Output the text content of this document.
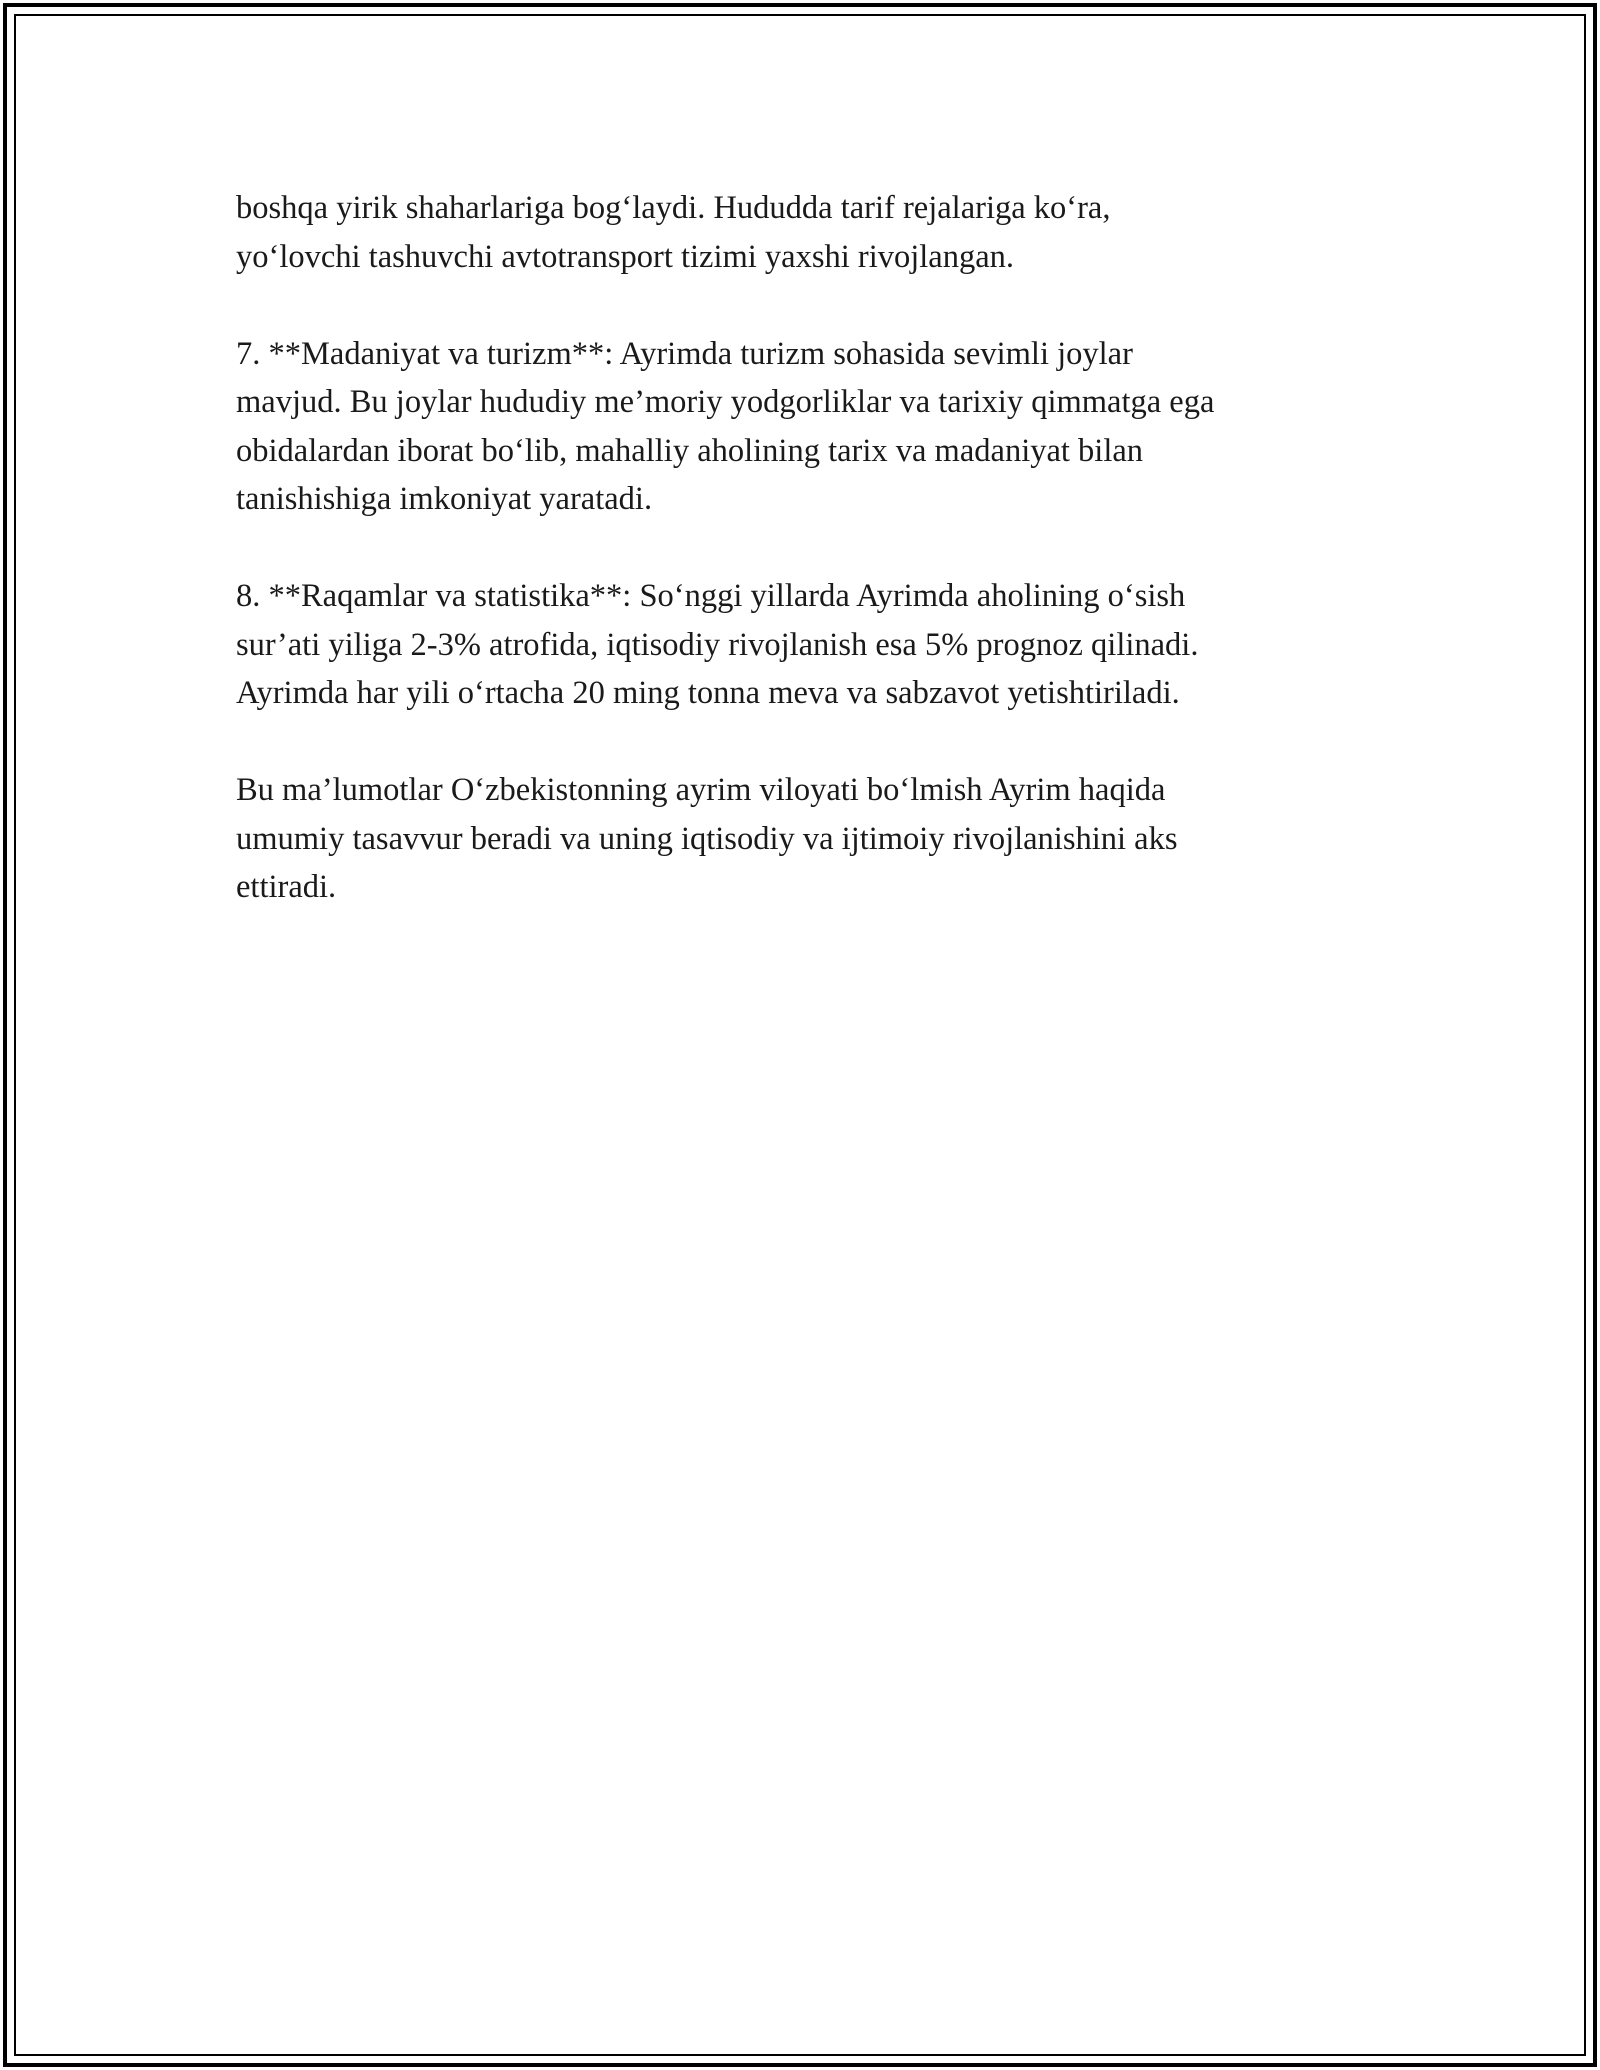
boshqa yirik shaharlariga bog‘laydi. Hududda tarif rejalariga ko‘ra,
yo‘lovchi tashuvchi avtotransport tizimi yaxshi rivojlangan.

7. **Madaniyat va turizm**: Ayrimda turizm sohasida sevimli joylar
mavjud. Bu joylar hududiy me’moriy yodgorliklar va tarixiy qimmatga ega
obidalardan iborat bo‘lib, mahalliy aholining tarix va madaniyat bilan
tanishishiga imkoniyat yaratadi.

8. **Raqamlar va statistika**: So‘nggi yillarda Ayrimda aholining o‘sish
sur’ati yiliga 2-3% atrofida, iqtisodiy rivojlanish esa 5% prognoz qilinadi.
Ayrimda har yili o‘rtacha 20 ming tonna meva va sabzavot yetishtiriladi.

Bu ma’lumotlar O‘zbekistonning ayrim viloyati bo‘lmish Ayrim haqida
umumiy tasavvur beradi va uning iqtisodiy va ijtimoiy rivojlanishini aks
ettiradi.
